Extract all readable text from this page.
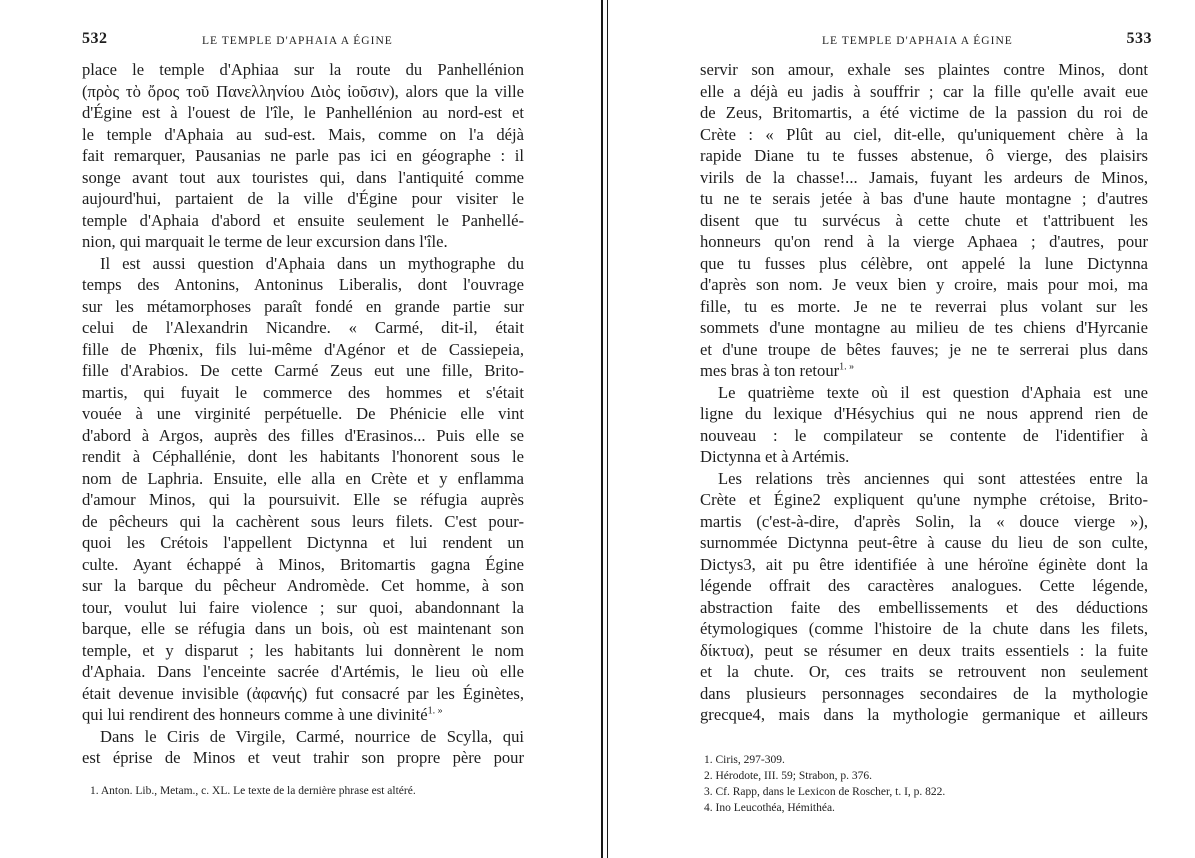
532	LE TEMPLE D'APHAIA A ÉGINE
place le temple d'Aphiaa sur la route du Panhellénion
(πρὸς τὸ ὄρος τοῦ Πανελληνίου Διὸς ἰοῦσιν), alors que la ville
d'Égine est à l'ouest de l'île, le Panhellénion au nord-est et
le temple d'Aphaia au sud-est. Mais, comme on l'a déjà
fait remarquer, Pausanias ne parle pas ici en géographe : il
songe avant tout aux touristes qui, dans l'antiquité comme
aujourd'hui, partaient de la ville d'Égine pour visiter le
temple d'Aphaia d'abord et ensuite seulement le Panhellé-
nion, qui marquait le terme de leur excursion dans l'île.
Il est aussi question d'Aphaia dans un mythographe du
temps des Antonins, Antoninus Liberalis, dont l'ouvrage
sur les métamorphoses paraît fondé en grande partie sur
celui de l'Alexandrin Nicandre. « Carmé, dit-il, était
fille de Phœnix, fils lui-même d'Agénor et de Cassiepeia,
fille d'Arabios. De cette Carmé Zeus eut une fille, Brito-
martis, qui fuyait le commerce des hommes et s'était
vouée à une virginité perpétuelle. De Phénicie elle vint
d'abord à Argos, auprès des filles d'Erasinos... Puis elle se
rendit à Céphallénie, dont les habitants l'honorent sous le
nom de Laphria. Ensuite, elle alla en Crète et y enflamma
d'amour Minos, qui la poursuivit. Elle se réfugia auprès
de pêcheurs qui la cachèrent sous leurs filets. C'est pour-
quoi les Crétois l'appellent Dictynna et lui rendent un
culte. Ayant échappé à Minos, Britomartis gagna Égine
sur la barque du pêcheur Andromède. Cet homme, à son
tour, voulut lui faire violence ; sur quoi, abandonnant la
barque, elle se réfugia dans un bois, où est maintenant son
temple, et y disparut ; les habitants lui donnèrent le nom
d'Aphaia. Dans l'enceinte sacrée d'Artémis, le lieu où elle
était devenue invisible (ἀφανής) fut consacré par les Éginètes,
qui lui rendirent des honneurs comme à une divinité$^{1. »}$
Dans le Ciris de Virgile, Carmé, nourrice de Scylla, qui
est éprise de Minos et veut trahir son propre père pour
1. Anton. Lib., Metam., c. XL. Le texte de la dernière phrase est altéré.
LE TEMPLE D'APHAIA A ÉGINE	533
servir son amour, exhale ses plaintes contre Minos, dont
elle a déjà eu jadis à souffrir ; car la fille qu'elle avait eue
de Zeus, Britomartis, a été victime de la passion du roi de
Crète : « Plût au ciel, dit-elle, qu'uniquement chère à la
rapide Diane tu te fusses abstenue, ô vierge, des plaisirs
virils de la chasse!... Jamais, fuyant les ardeurs de Minos,
tu ne te serais jetée à bas d'une haute montagne ; d'autres
disent que tu survécus à cette chute et t'attribuent les
honneurs qu'on rend à la vierge Aphaea ; d'autres, pour
que tu fusses plus célèbre, ont appelé la lune Dictynna
d'après son nom. Je veux bien y croire, mais pour moi, ma
fille, tu es morte. Je ne te reverrai plus volant sur les
sommets d'une montagne au milieu de tes chiens d'Hyrcanie
et d'une troupe de bêtes fauves; je ne te serrerai plus dans
mes bras à ton retour$^{1. »}$
Le quatrième texte où il est question d'Aphaia est une
ligne du lexique d'Hésychius qui ne nous apprend rien de
nouveau : le compilateur se contente de l'identifier à
Dictynna et à Artémis.
Les relations très anciennes qui sont attestées entre la
Crète et Égine2 expliquent qu'une nymphe crétoise, Brito-
martis (c'est-à-dire, d'après Solin, la « douce vierge »),
surnommée Dictynna peut-être à cause du lieu de son culte,
Dictys3, ait pu être identifiée à une héroïne éginète dont la
légende offrait des caractères analogues. Cette légende,
abstraction faite des embellissements et des déductions
étymologiques (comme l'histoire de la chute dans les filets,
δίκτυα), peut se résumer en deux traits essentiels : la fuite
et la chute. Or, ces traits se retrouvent non seulement
dans plusieurs personnages secondaires de la mythologie
grecque4, mais dans la mythologie germanique et ailleurs
1. Ciris, 297-309.
2. Hérodote, III. 59; Strabon, p. 376.
3. Cf. Rapp, dans le Lexicon de Roscher, t. I, p. 822.
4. Ino Leucothéa, Hémithéa.
